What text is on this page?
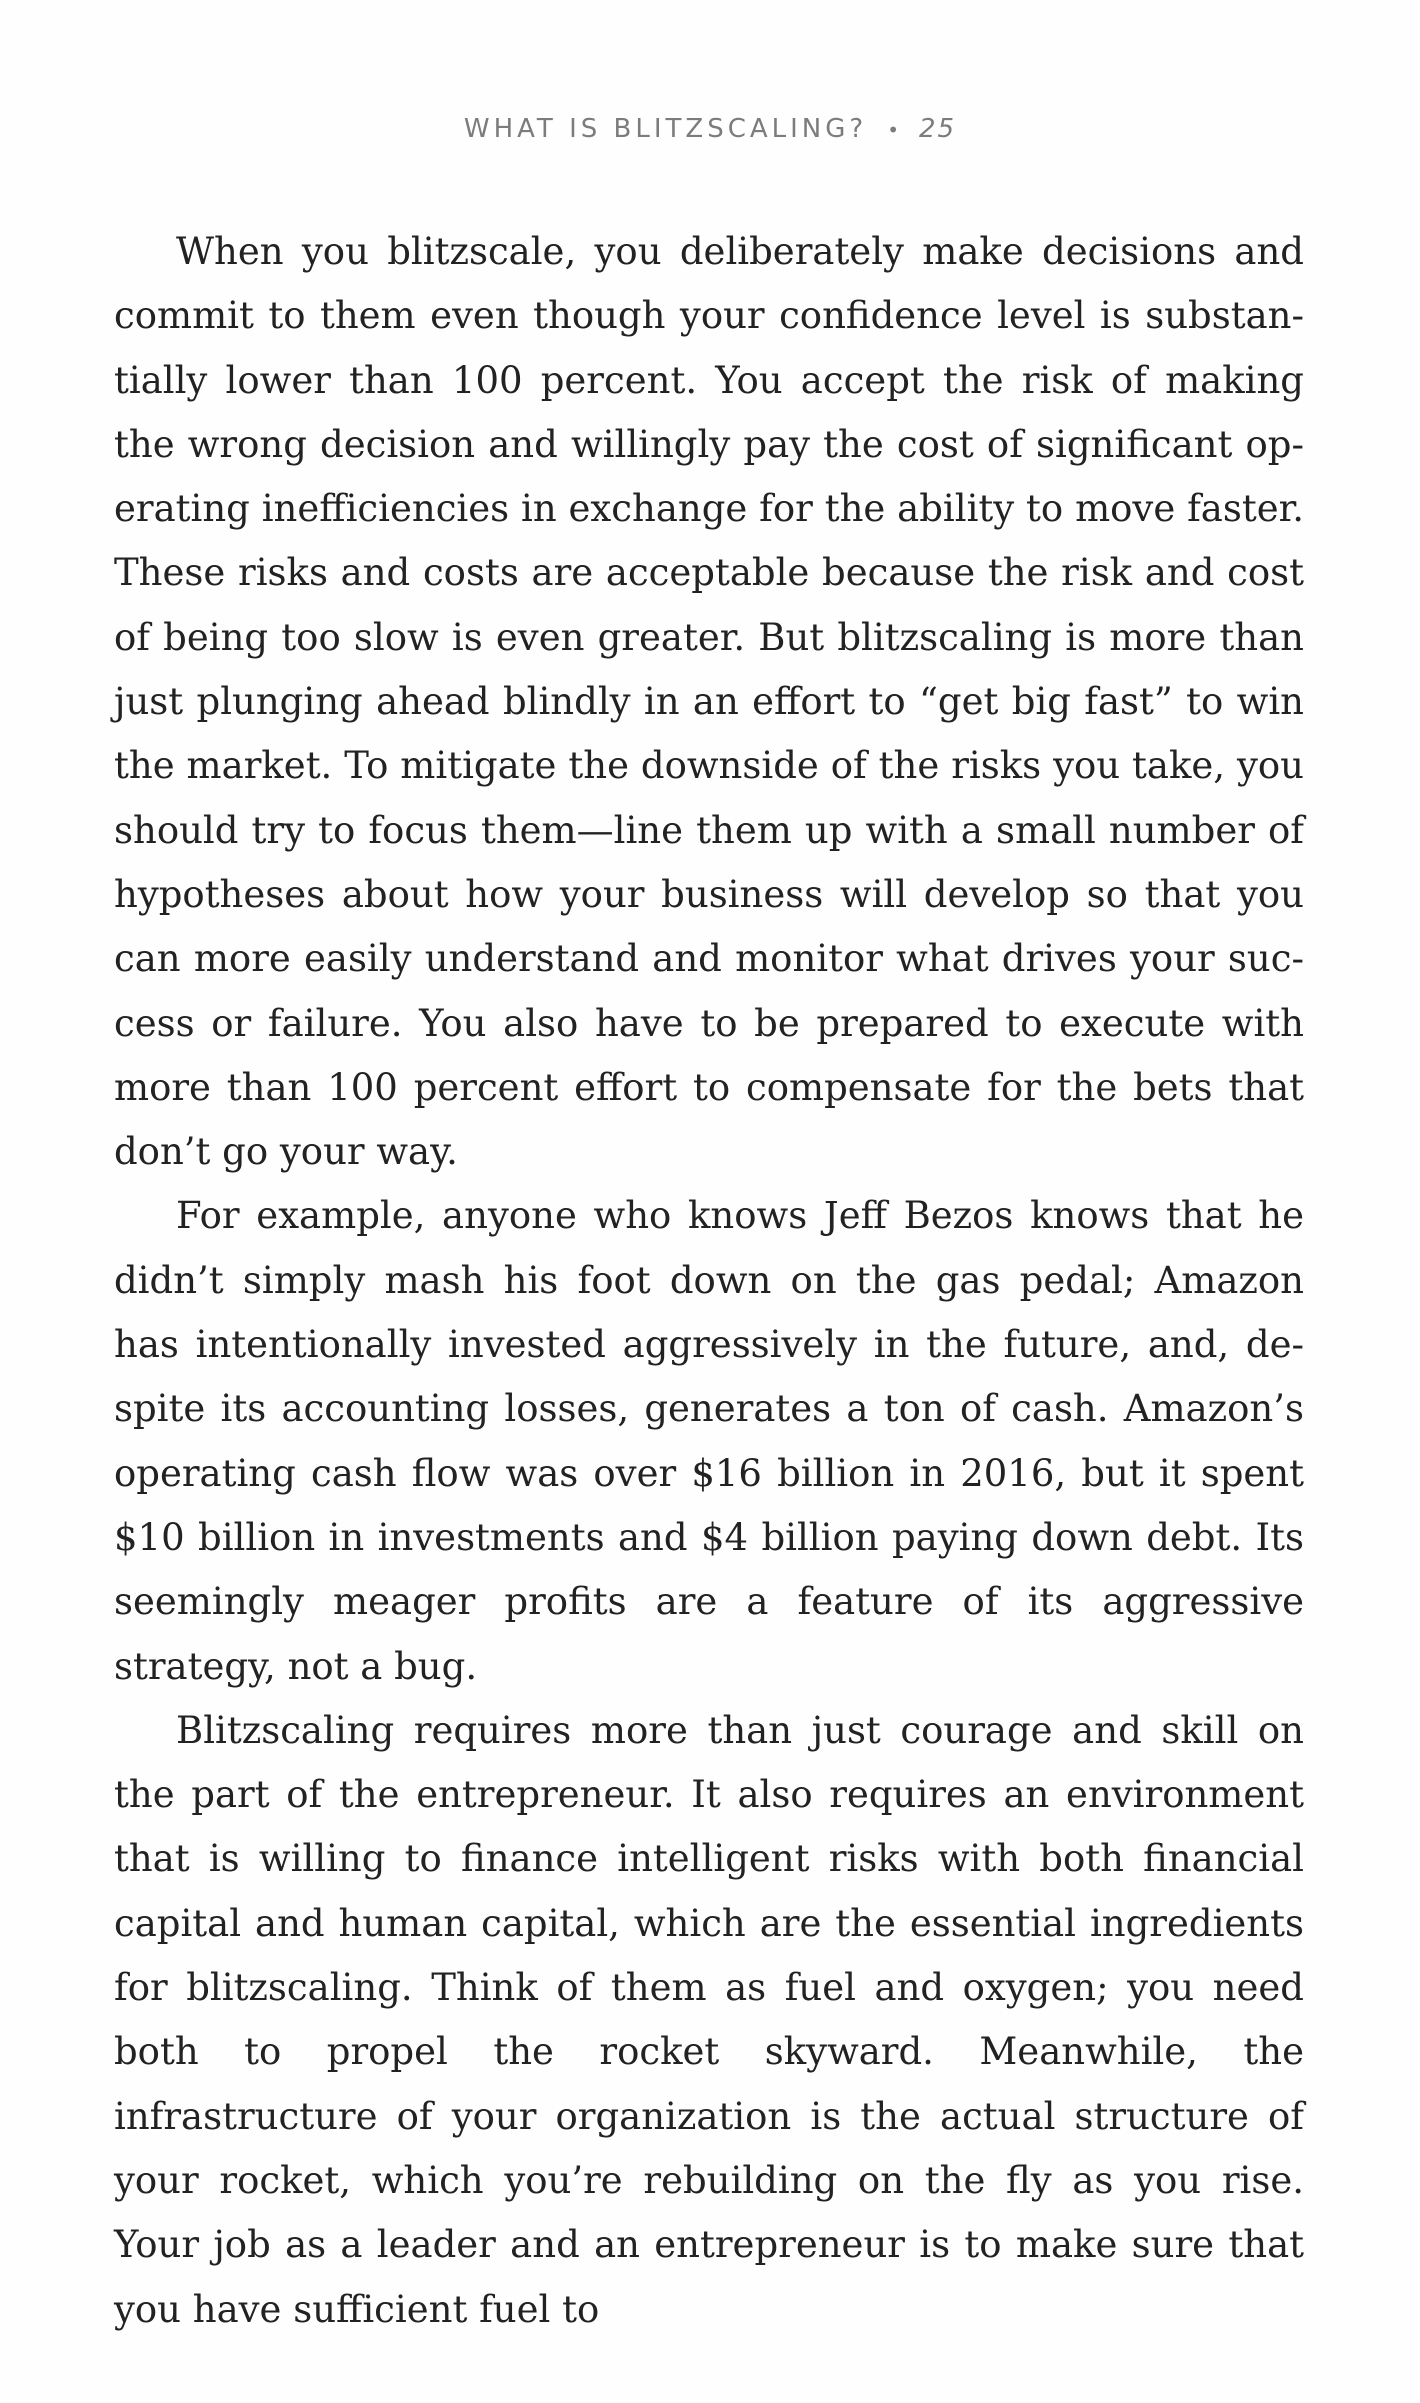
WHAT IS BLITZSCALING? • 25

When you blitzscale, you deliberately make decisions and commit to them even though your confidence level is substantially lower than 100 percent. You accept the risk of making the wrong decision and willingly pay the cost of significant operating inefficiencies in exchange for the ability to move faster. These risks and costs are acceptable because the risk and cost of being too slow is even greater. But blitzscaling is more than just plunging ahead blindly in an effort to “get big fast” to win the market. To mitigate the downside of the risks you take, you should try to focus them—line them up with a small number of hypotheses about how your business will develop so that you can more easily understand and monitor what drives your success or failure. You also have to be prepared to execute with more than 100 percent effort to compensate for the bets that don’t go your way.

For example, anyone who knows Jeff Bezos knows that he didn’t simply mash his foot down on the gas pedal; Amazon has intentionally invested aggressively in the future, and, despite its accounting losses, generates a ton of cash. Amazon’s operating cash flow was over $16 billion in 2016, but it spent $10 billion in investments and $4 billion paying down debt. Its seemingly meager profits are a feature of its aggressive strategy, not a bug.

Blitzscaling requires more than just courage and skill on the part of the entrepreneur. It also requires an environment that is willing to finance intelligent risks with both financial capital and human capital, which are the essential ingredients for blitzscaling. Think of them as fuel and oxygen; you need both to propel the rocket skyward. Meanwhile, the infrastructure of your organization is the actual structure of your rocket, which you’re rebuilding on the fly as you rise. Your job as a leader and an entrepreneur is to make sure that you have sufficient fuel to
